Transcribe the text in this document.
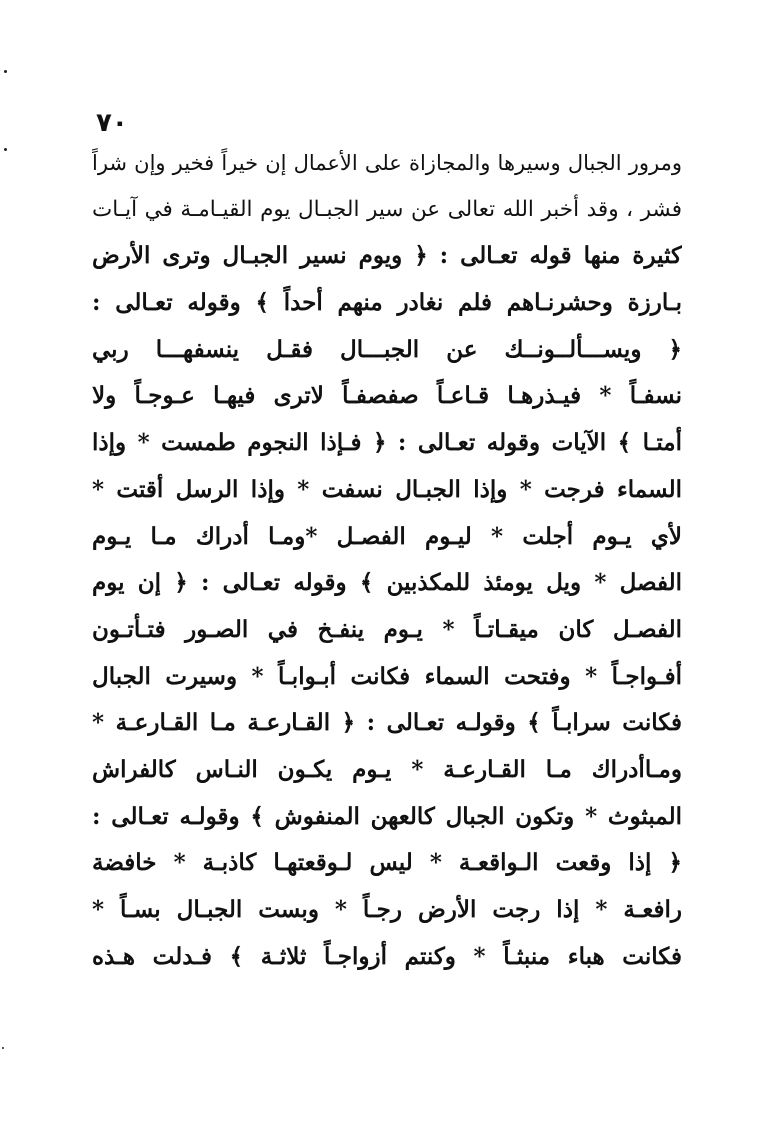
٧٠
ومرور الجبال وسيرها والمجازاة على الأعمال إن خيراً فخير وإن شراً
فشر ، وقد أخبر الله تعالى عن سير الجبـال يوم القيـامـة في آيـات
كثيرة منها قوله تعـالى : ﴿ ويوم نسير الجبـال وترى الأرض
بـارزة وحشرنـاهم فلم نغادر منهم أحداً ﴾ وقوله تعـالى :
﴿ ويســـألــونــك عن الجبـــال فقـل ينسفهـــا ربي
نسفـاً * فيـذرهـا قـاعـاً صفصفـاً لاترى فيهـا عـوجـاً ولا
أمتـا ﴾ الآيات وقوله تعـالى : ﴿ فـإذا النجوم طمست * وإذا
السماء فرجت * وإذا الجبـال نسفت * وإذا الرسل أقتت *
لأي يـوم أجلت * ليـوم الفصـل *ومـا أدراك مـا يـوم
الفصل * ويل يومئذ للمكذبين ﴾ وقوله تعـالى : ﴿ إن يوم
الفصـل كان ميقـاتـاً * يـوم ينفـخ في الصـور فتـأتـون
أفـواجـاً * وفتحت السماء فكانت أبـوابـاً * وسيرت الجبال
فكانت سرابـاً ﴾ وقولـه تعـالى : ﴿ القـارعـة مـا القـارعـة *
ومـاأدراك مـا القـارعـة * يـوم يكـون النـاس كالفراش
المبثوث * وتكون الجبال كالعهن المنفوش ﴾ وقولـه تعـالى :
﴿ إذا وقعت الـواقعـة * ليس لـوقعتهـا كاذبـة * خافضة
رافعـة * إذا رجت الأرض رجـاً * وبست الجبـال بسـاً *
فكانت هباء منبثـاً * وكنتم أزواجـاً ثلاثـة ﴾ فـدلت هـذه
